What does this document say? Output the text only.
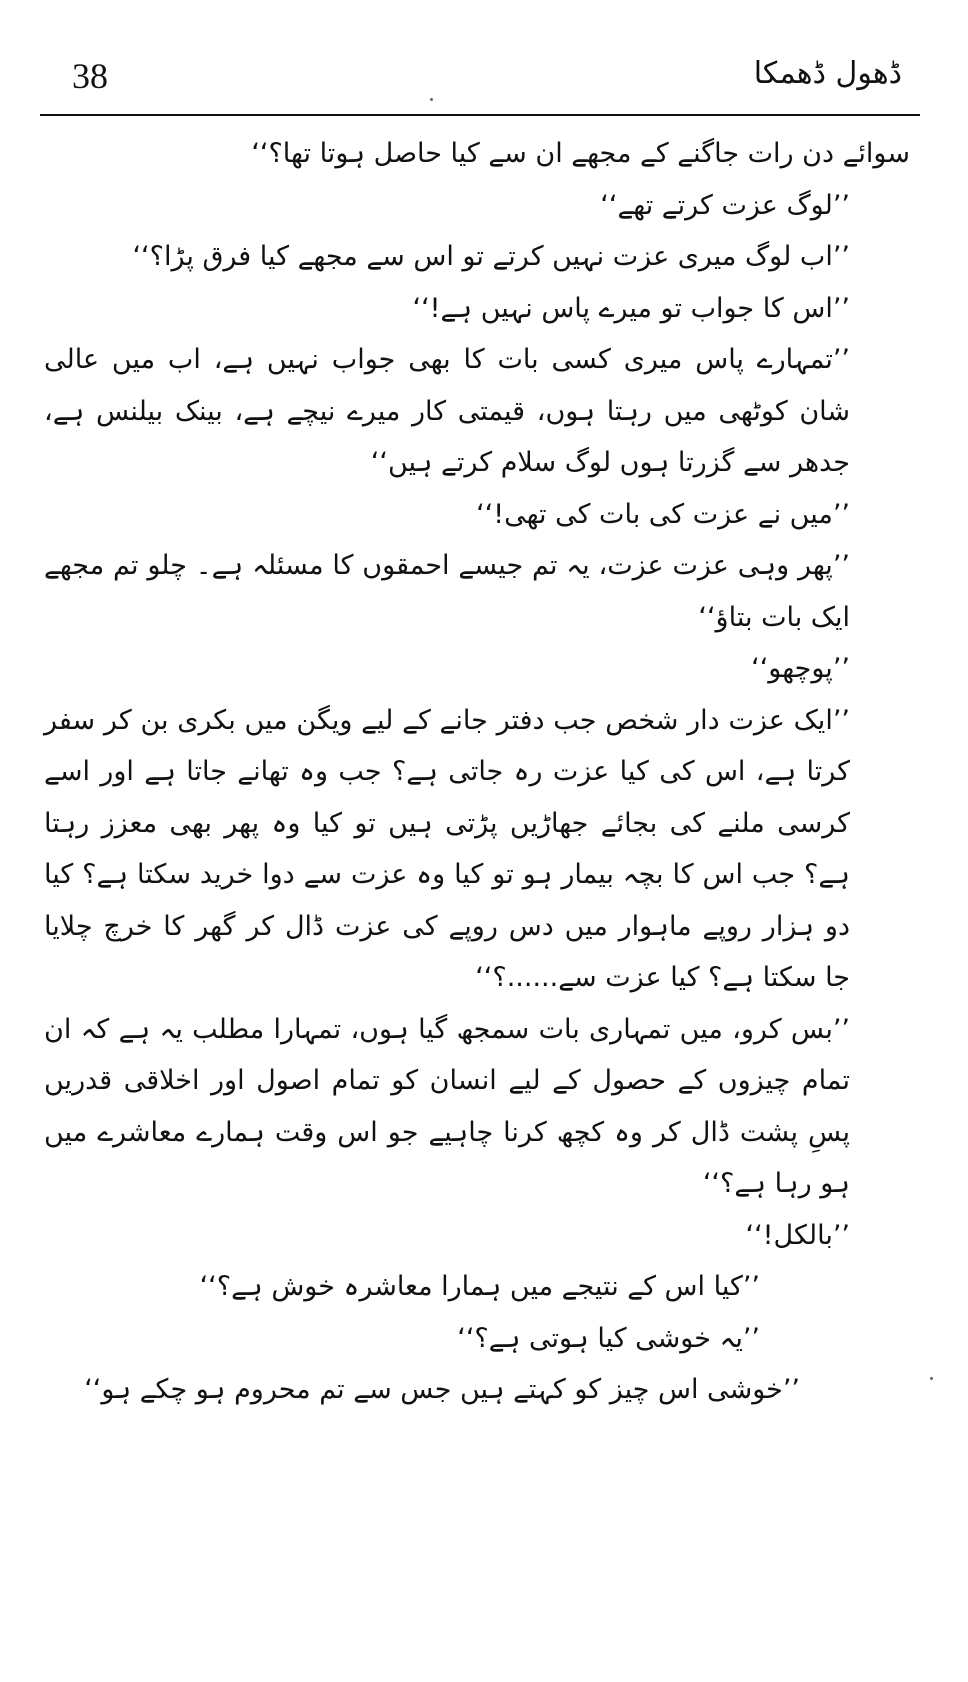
38	ڈھول ڈھمکا

سوائے دن رات جاگنے کے مجھے ان سے کیا حاصل ہوتا تھا؟‘‘

’’لوگ عزت کرتے تھے‘‘

’’اب لوگ میری عزت نہیں کرتے تو اس سے مجھے کیا فرق پڑا؟‘‘

’’اس کا جواب تو میرے پاس نہیں ہے!‘‘

’’تمہارے پاس میری کسی بات کا بھی جواب نہیں ہے، اب میں عالی شان کوٹھی میں رہتا ہوں، قیمتی کار میرے نیچے ہے، بینک بیلنس ہے، جدھر سے گزرتا ہوں لوگ سلام کرتے ہیں‘‘

’’میں نے عزت کی بات کی تھی!‘‘

’’پھر وہی عزت عزت، یہ تم جیسے احمقوں کا مسئلہ ہے۔ چلو تم مجھے ایک بات بتاؤ‘‘

’’پوچھو‘‘

’’ایک عزت دار شخص جب دفتر جانے کے لیے ویگن میں بکری بن کر سفر کرتا ہے، اس کی کیا عزت رہ جاتی ہے؟ جب وہ تھانے جاتا ہے اور اسے کرسی ملنے کی بجائے جھاڑیں پڑتی ہیں تو کیا وہ پھر بھی معزز رہتا ہے؟ جب اس کا بچہ بیمار ہو تو کیا وہ عزت سے دوا خرید سکتا ہے؟ کیا دو ہزار روپے ماہوار میں دس روپے کی عزت ڈال کر گھر کا خرچ چلایا جا سکتا ہے؟ کیا عزت سے......؟‘‘

’’بس کرو، میں تمہاری بات سمجھ گیا ہوں، تمہارا مطلب یہ ہے کہ ان تمام چیزوں کے حصول کے لیے انسان کو تمام اصول اور اخلاقی قدریں پسِ پشت ڈال کر وہ کچھ کرنا چاہیے جو اس وقت ہمارے معاشرے میں ہو رہا ہے؟‘‘

’’بالکل!‘‘

’’کیا اس کے نتیجے میں ہمارا معاشرہ خوش ہے؟‘‘

’’یہ خوشی کیا ہوتی ہے؟‘‘

’’خوشی اس چیز کو کہتے ہیں جس سے تم محروم ہو چکے ہو‘‘
